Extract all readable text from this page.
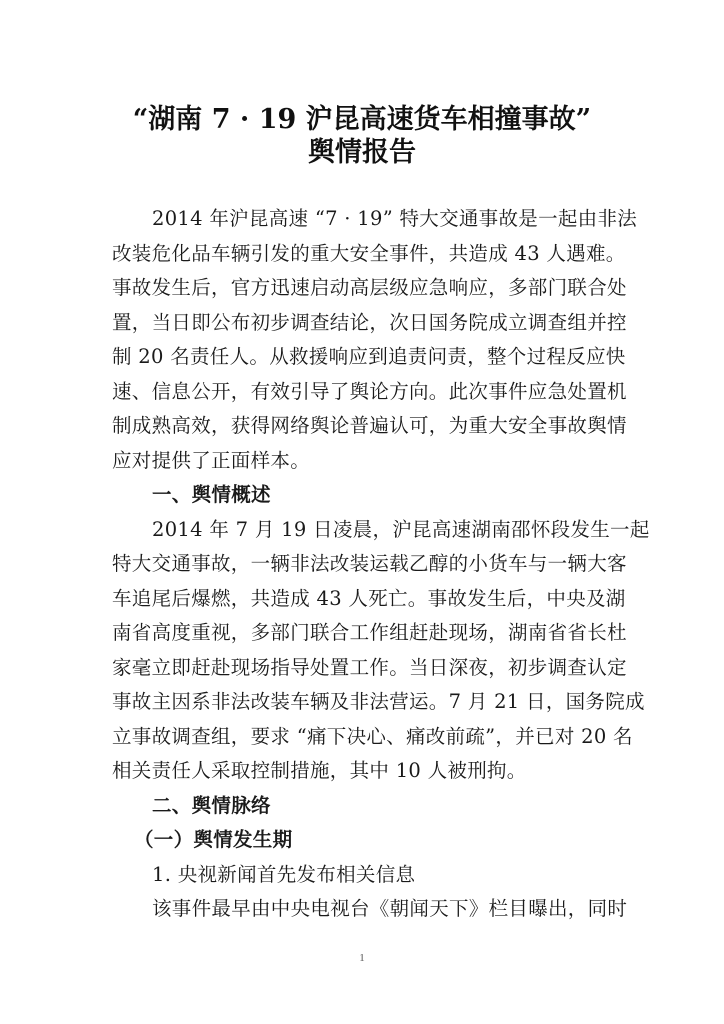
“湖南 7 · 19 沪昆高速货车相撞事故”
舆情报告
2014 年沪昆高速 “7 · 19” 特大交通事故是一起由非法
改装危化品车辆引发的重大安全事件，共造成 43 人遇难。
事故发生后，官方迅速启动高层级应急响应，多部门联合处
置，当日即公布初步调查结论，次日国务院成立调查组并控
制 20 名责任人。从救援响应到追责问责，整个过程反应快
速、信息公开，有效引导了舆论方向。此次事件应急处置机
制成熟高效，获得网络舆论普遍认可，为重大安全事故舆情
应对提供了正面样本。
一、舆情概述
2014 年 7 月 19 日凌晨，沪昆高速湖南邵怀段发生一起
特大交通事故，一辆非法改装运载乙醇的小货车与一辆大客
车追尾后爆燃，共造成 43 人死亡。事故发生后，中央及湖
南省高度重视，多部门联合工作组赶赴现场，湖南省省长杜
家毫立即赶赴现场指导处置工作。当日深夜，初步调查认定
事故主因系非法改装车辆及非法营运。7 月 21 日，国务院成
立事故调查组，要求 “痛下决心、痛改前疏”，并已对 20 名
相关责任人采取控制措施，其中 10 人被刑拘。
二、舆情脉络
（一）舆情发生期
1. 央视新闻首先发布相关信息
该事件最早由中央电视台《朝闻天下》栏目曝出，同时
1
